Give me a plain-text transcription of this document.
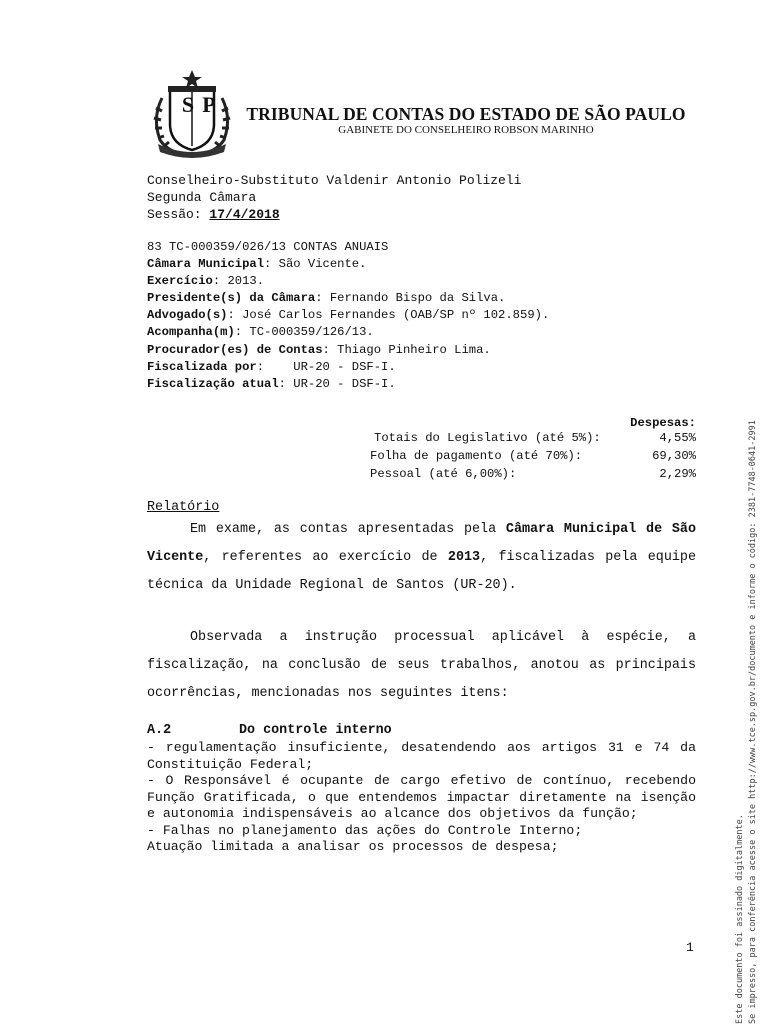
S P	TRIBUNAL DE CONTAS DO ESTADO DE SÃO PAULO
GABINETE DO CONSELHEIRO ROBSON MARINHO
Conselheiro-Substituto Valdenir Antonio Polizeli
Segunda Câmara
Sessão: 17/4/2018
83 TC-000359/026/13 CONTAS ANUAIS
Câmara Municipal: São Vicente.
Exercício: 2013.
Presidente(s) da Câmara: Fernando Bispo da Silva.
Advogado(s): José Carlos Fernandes (OAB/SP nº 102.859).
Acompanha(m): TC-000359/126/13.
Procurador(es) de Contas: Thiago Pinheiro Lima.
Fiscalizada por:    UR-20 - DSF-I.
Fiscalização atual: UR-20 - DSF-I.
Despesas:
Totais do Legislativo (até 5%):	4,55%
Folha de pagamento (até 70%):	69,30%
Pessoal (até 6,00%):	2,29%
Relatório
Em exame, as contas apresentadas pela Câmara Municipal de São Vicente, referentes ao exercício de 2013, fiscalizadas pela equipe técnica da Unidade Regional de Santos (UR-20).
Observada a instrução processual aplicável à espécie, a fiscalização, na conclusão de seus trabalhos, anotou as principais ocorrências, mencionadas nos seguintes itens:
A.2	Do controle interno
- regulamentação insuficiente, desatendendo aos artigos 31 e 74 da Constituição Federal;
- O Responsável é ocupante de cargo efetivo de contínuo, recebendo Função Gratificada, o que entendemos impactar diretamente na isenção e autonomia indispensáveis ao alcance dos objetivos da função;
- Falhas no planejamento das ações do Controle Interno;
Atuação limitada a analisar os processos de despesa;
1	Este documento foi assinado digitalmente. Se impresso, para conferência acesse o site http://www.tce.sp.gov.br/documento e informe o código: 2381-7748-0641-2991
